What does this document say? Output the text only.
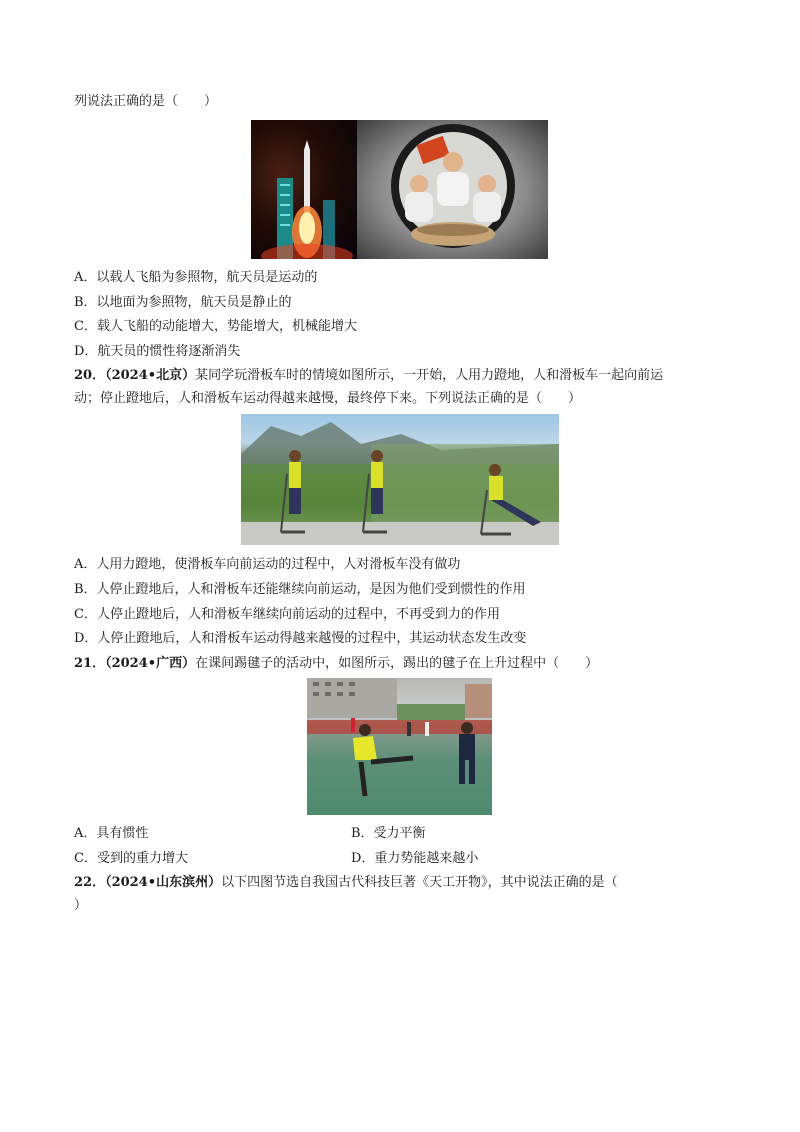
列说法正确的是（　　）
A．以载人飞船为参照物，航天员是运动的
B．以地面为参照物，航天员是静止的
C．载人飞船的动能增大，势能增大，机械能增大
D．航天员的惯性将逐渐消失
20．（2024•北京）某同学玩滑板车时的情境如图所示，一开始，人用力蹬地，人和滑板车一起向前运
动；停止蹬地后，人和滑板车运动得越来越慢，最终停下来。下列说法正确的是（　　）
A．人用力蹬地，使滑板车向前运动的过程中，人对滑板车没有做功
B．人停止蹬地后，人和滑板车还能继续向前运动，是因为他们受到惯性的作用
C．人停止蹬地后，人和滑板车继续向前运动的过程中，不再受到力的作用
D．人停止蹬地后，人和滑板车运动得越来越慢的过程中，其运动状态发生改变
21．（2024•广西）在课间踢毽子的活动中，如图所示，踢出的毽子在上升过程中（　　）
A．具有惯性	B．受力平衡
C．受到的重力增大	D．重力势能越来越小
22．（2024•山东滨州）以下四图节选自我国古代科技巨著《天工开物》，其中说法正确的是（
）
